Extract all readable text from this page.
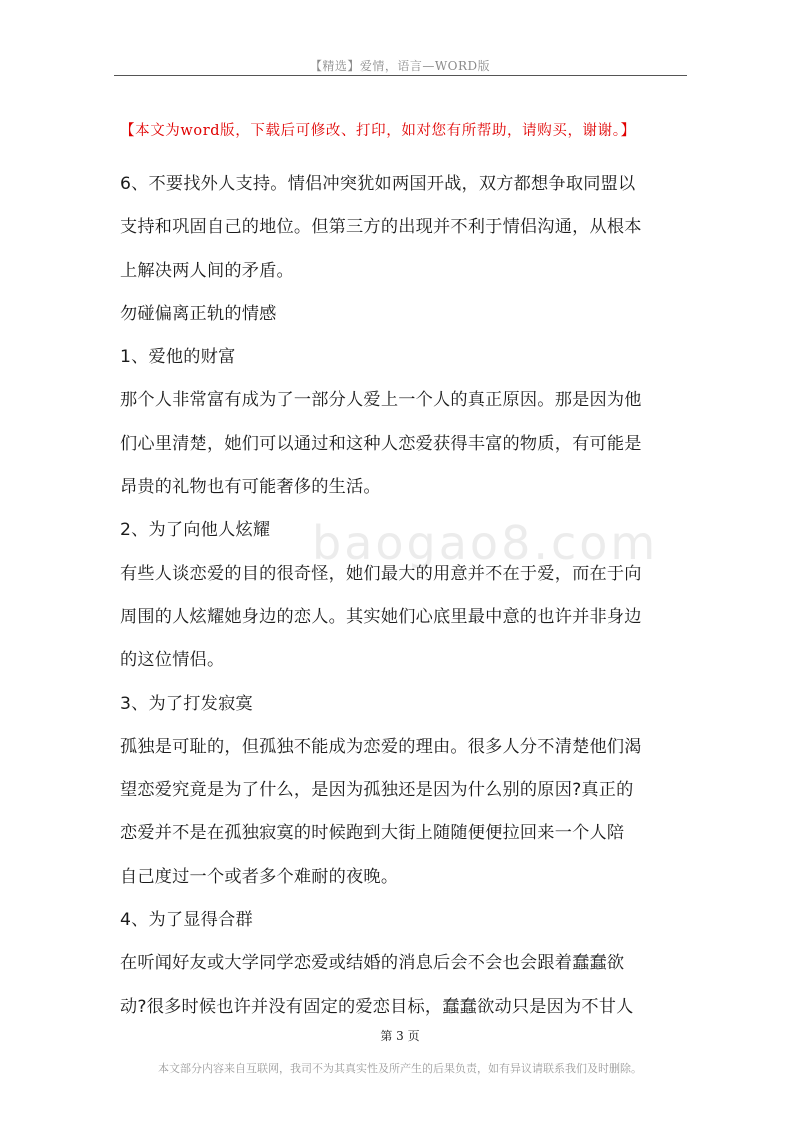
【精选】爱情，语言—WORD版
【本文为word版，下载后可修改、打印，如对您有所帮助，请购买，谢谢。】
baogao8.com
6、不要找外人支持。情侣冲突犹如两国开战，双方都想争取同盟以
支持和巩固自己的地位。但第三方的出现并不利于情侣沟通，从根本
上解决两人间的矛盾。
勿碰偏离正轨的情感
1、爱他的财富
那个人非常富有成为了一部分人爱上一个人的真正原因。那是因为他
们心里清楚，她们可以通过和这种人恋爱获得丰富的物质，有可能是
昂贵的礼物也有可能奢侈的生活。
2、为了向他人炫耀
有些人谈恋爱的目的很奇怪，她们最大的用意并不在于爱，而在于向
周围的人炫耀她身边的恋人。其实她们心底里最中意的也许并非身边
的这位情侣。
3、为了打发寂寞
孤独是可耻的，但孤独不能成为恋爱的理由。很多人分不清楚他们渴
望恋爱究竟是为了什么，是因为孤独还是因为什么别的原因?真正的
恋爱并不是在孤独寂寞的时候跑到大街上随随便便拉回来一个人陪
自己度过一个或者多个难耐的夜晚。
4、为了显得合群
在听闻好友或大学同学恋爱或结婚的消息后会不会也会跟着蠢蠢欲
动?很多时候也许并没有固定的爱恋目标，蠢蠢欲动只是因为不甘人
第 3 页
本文部分内容来自互联网，我司不为其真实性及所产生的后果负责，如有异议请联系我们及时删除。
